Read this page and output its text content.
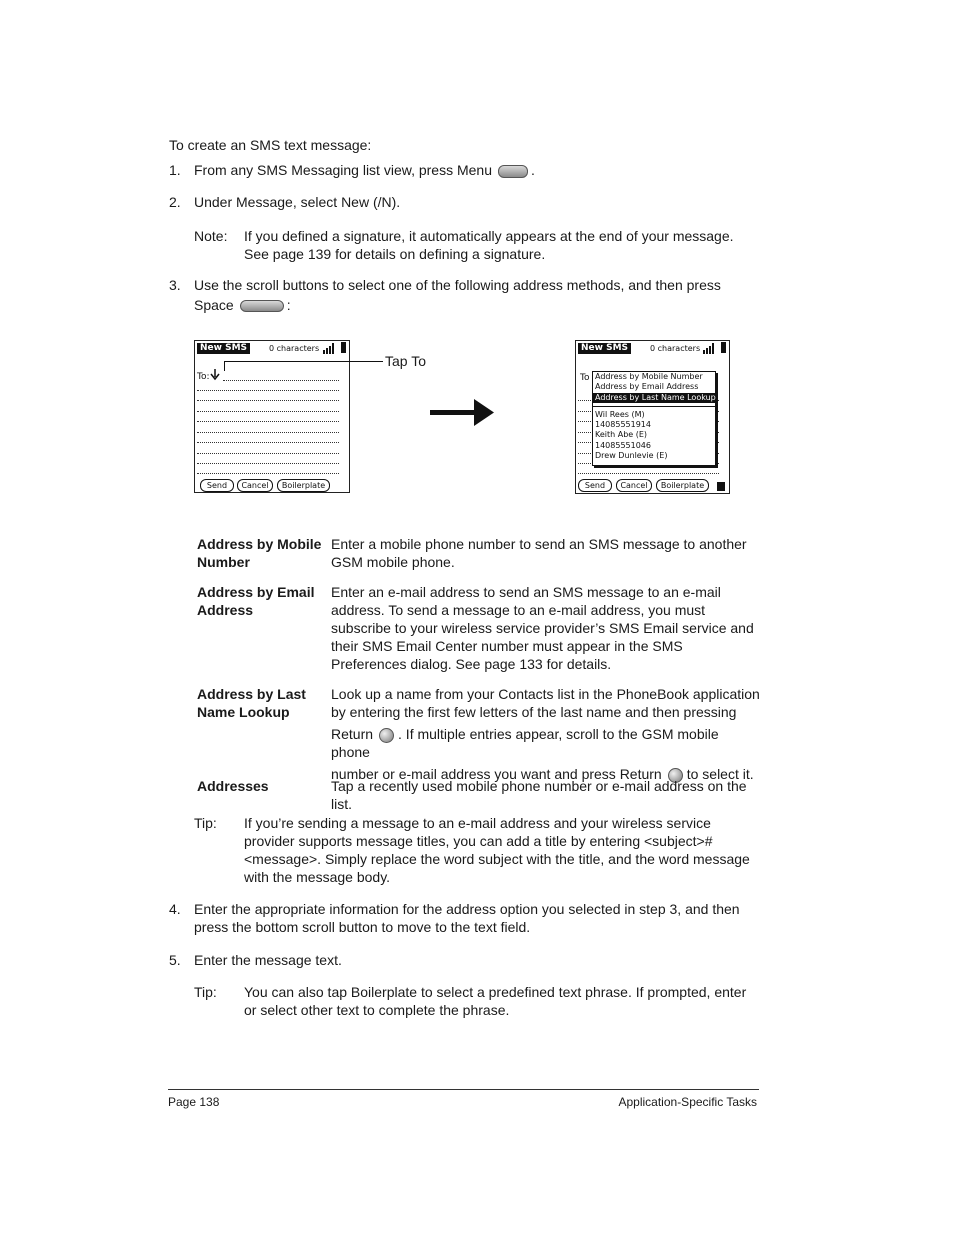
To create an SMS text message:
1. From any SMS Messaging list view, press Menu	.
2. Under Message, select New (/N).
Note: If you defined a signature, it automatically appears at the end of your message. See page 139 for details on defining a signature.
3. Use the scroll buttons to select one of the following address methods, and then press
Space	:
New SMS	0 characters
To:
Send	Cancel	Boilerplate
Tap To
New SMS	0 characters
To Address by Mobile Number
Address by Email Address
Address by Last Name Lookup
Wil Rees (M)
14085551914
Keith Abe (E)
14085551046
Drew Dunlevie (E)
Send	Cancel	Boilerplate
Address by Mobile Number
Enter a mobile phone number to send an SMS message to another GSM mobile phone.
Address by Email Address
Enter an e-mail address to send an SMS message to an e-mail address. To send a message to an e-mail address, you must subscribe to your wireless service provider’s SMS Email service and their SMS Email Center number must appear in the SMS Preferences dialog. See page 133 for details.
Address by Last Name Lookup
Look up a name from your Contacts list in the PhoneBook application by entering the first few letters of the last name and then pressing
Return . If multiple entries appear, scroll to the GSM mobile phone
number or e-mail address you want and press Return to select it.
Addresses	Tap a recently used mobile phone number or e-mail address on the list.
Tip: If you’re sending a message to an e-mail address and your wireless service provider supports message titles, you can add a title by entering <subject>#<message>. Simply replace the word subject with the title, and the word message with the message body.
4. Enter the appropriate information for the address option you selected in step 3, and then press the bottom scroll button to move to the text field.
5. Enter the message text.
Tip: You can also tap Boilerplate to select a predefined text phrase. If prompted, enter or select other text to complete the phrase.
Page 138	Application-Specific Tasks
